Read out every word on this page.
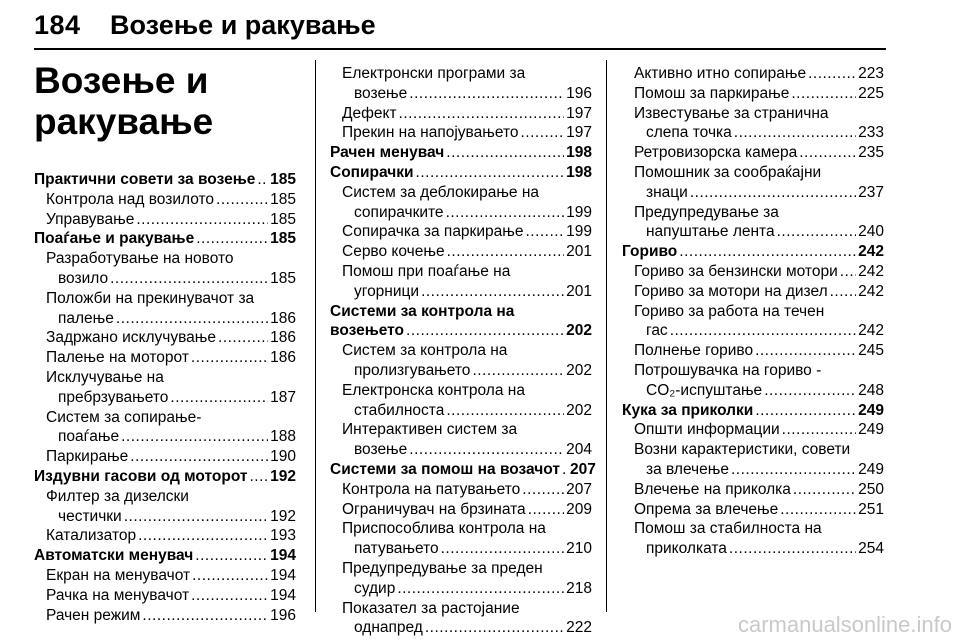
184 Возење и ракување
Возење и
ракување
Практични совети за возење ..... 185
Контрола над возилото .....	185
Управување .....	185
Поаѓање и ракување .....	185
Разработување на новото
возило .....	185
Положби на прекинувачот за
палење .....	186
Задржано исклучување .....	186
Палење на моторот .....	186
Исклучување на
пребрзувањето .....	187
Систем за сопирање-
поаѓање .....	188
Паркирање .....	190
Издувни гасови од моторот ..... 192
Филтер за дизелски
честички .....	192
Катализатор .....	193
Автоматски менувач .....	194
Екран на менувачот .....	194
Рачка на менувачот .....	194
Рачен режим .....	196
Електронски програми за
возење .....	196
Дефект .....	197
Прекин на напојувањето .....	197
Рачен менувач .....	198
Сопирачки .....	198
Систем за деблокирање на
сопирачките .....	199
Сопирачка за паркирање .....	199
Серво кочење .....	201
Помош при поаѓање на
угорници .....	201
Системи за контрола на
возењето .....	202
Систем за контрола на
пролизгувањето .....	202
Електронска контрола на
стабилноста .....	202
Интерактивен систем за
возење .....	204
Системи за помош на возачот ..... 207
Контрола на патувањето .....	207
Ограничувач на брзината .....	209
Приспособлива контрола на
патувањето .....	210
Предупредување за преден
судир .....	218
Показател за растојание
однапред .....	222
Активно итно сопирање .....	223
Помош за паркирање .....	225
Известување за странична
слепа точка .....	233
Ретровизорска камера .....	235
Помошник за сообраќајни
знаци .....	237
Предупредување за
напуштање лента .....	240
Гориво .....	242
Гориво за бензински мотори ..... 242
Гориво за мотори на дизел ..... 242
Гориво за работа на течен
гас .....	242
Полнење гориво .....	245
Потрошувачка на гориво -
CO₂-испуштање .....	248
Кука за приколки .....	249
Општи информации .....	249
Возни карактеристики, совети
за влечење .....	249
Влечење на приколка .....	250
Опрема за влечење .....	251
Помош за стабилноста на
приколката .....	254
carmanualsonline.info
